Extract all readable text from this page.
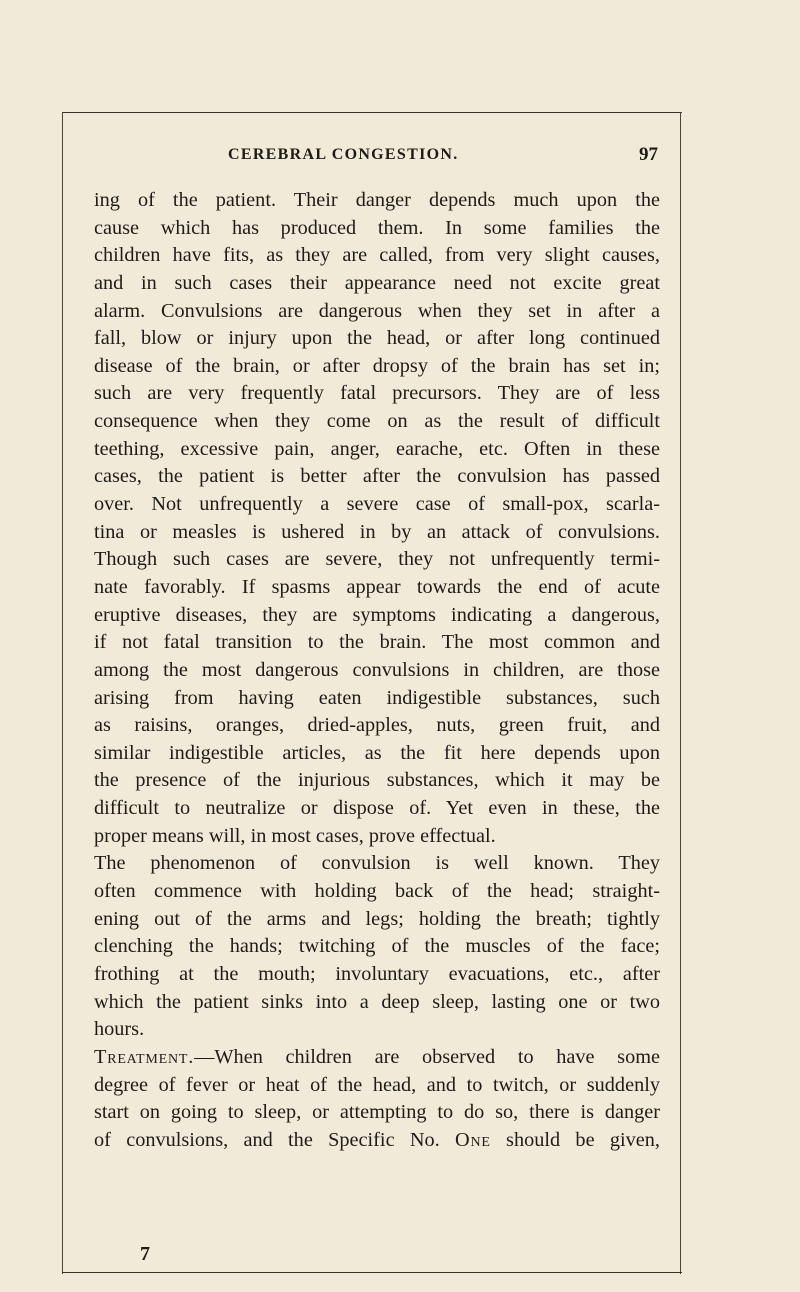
CEREBRAL CONGESTION.	97
ing of the patient. Their danger depends much upon the
cause which has produced them. In some families the
children have fits, as they are called, from very slight causes,
and in such cases their appearance need not excite great
alarm. Convulsions are dangerous when they set in after a
fall, blow or injury upon the head, or after long continued
disease of the brain, or after dropsy of the brain has set in;
such are very frequently fatal precursors. They are of less
consequence when they come on as the result of difficult
teething, excessive pain, anger, earache, etc. Often in these
cases, the patient is better after the convulsion has passed
over. Not unfrequently a severe case of small-pox, scarla-
tina or measles is ushered in by an attack of convulsions.
Though such cases are severe, they not unfrequently termi-
nate favorably. If spasms appear towards the end of acute
eruptive diseases, they are symptoms indicating a dangerous,
if not fatal transition to the brain. The most common and
among the most dangerous convulsions in children, are those
arising from having eaten indigestible substances, such
as raisins, oranges, dried-apples, nuts, green fruit, and
similar indigestible articles, as the fit here depends upon
the presence of the injurious substances, which it may be
difficult to neutralize or dispose of. Yet even in these, the
proper means will, in most cases, prove effectual.
The phenomenon of convulsion is well known. They
often commence with holding back of the head; straight-
ening out of the arms and legs; holding the breath; tightly
clenching the hands; twitching of the muscles of the face;
frothing at the mouth; involuntary evacuations, etc., after
which the patient sinks into a deep sleep, lasting one or two
hours.
Treatment.—When children are observed to have some
degree of fever or heat of the head, and to twitch, or suddenly
start on going to sleep, or attempting to do so, there is danger
of convulsions, and the Specific No. One should be given,
7
